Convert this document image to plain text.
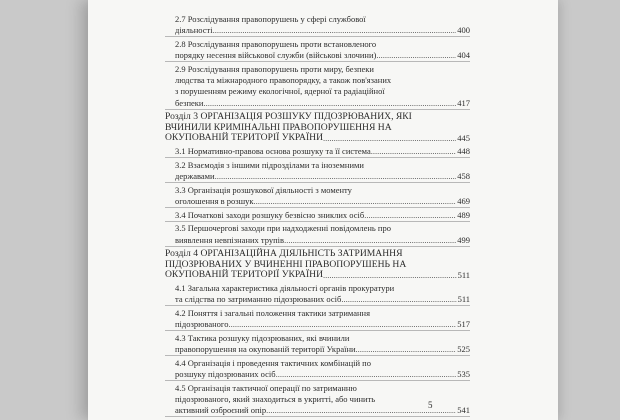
2.7 Розслідування правопорушень у сфері службової
діяльності .....	400
2.8 Розслідування правопорушень проти встановленого
порядку несення військової служби (військові злочини) .....	404
2.9 Розслідування правопорушень проти миру, безпеки
людства та міжнародного правопорядку, а також пов'язаних
з порушенням режиму екологічної, ядерної та радіаційної
безпеки .....	417
Розділ 3 ОРГАНІЗАЦІЯ РОЗШУКУ ПІДОЗРЮВАНИХ, ЯКІ
ВЧИНИЛИ КРИМІНАЛЬНІ ПРАВОПОРУШЕННЯ НА
ОКУПОВАНІЙ ТЕРИТОРІЇ УКРАЇНИ .....	445
3.1 Нормативно-правова основа розшуку та її система .....	448
3.2 Взаємодія з іншими підрозділами та іноземними
державами .....	458
3.3 Організація розшукової діяльності з моменту
оголошення в розшук .....	469
3.4 Початкові заходи розшуку безвісно зниклих осіб .....	489
3.5 Першочергові заходи при надходженні повідомлень про
виявлення невпізнаних трупів .....	499
Розділ 4 ОРГАНІЗАЦІЙНА ДІЯЛЬНІСТЬ ЗАТРИМАННЯ
ПІДОЗРЮВАНИХ У ВЧИНЕННІ ПРАВОПОРУШЕНЬ НА
ОКУПОВАНІЙ ТЕРИТОРІЇ УКРАЇНИ .....	511
4.1 Загальна характеристика діяльності органів прокуратури
та слідства по затриманню підозрюваних осіб .....	511
4.2 Поняття і загальні положення тактики затримання
підозрюваного .....	517
4.3 Тактика розшуку підозрюваних, які вчинили
правопорушення на окупованій території України .....	525
4.4 Організація і проведення тактичних комбінацій по
розшуку підозрюваних осіб .....	535
4.5 Організація тактичної операції по затриманню
підозрюваного, який знаходиться в укритті, або чинить
активний озброєний опір .....	541
5
